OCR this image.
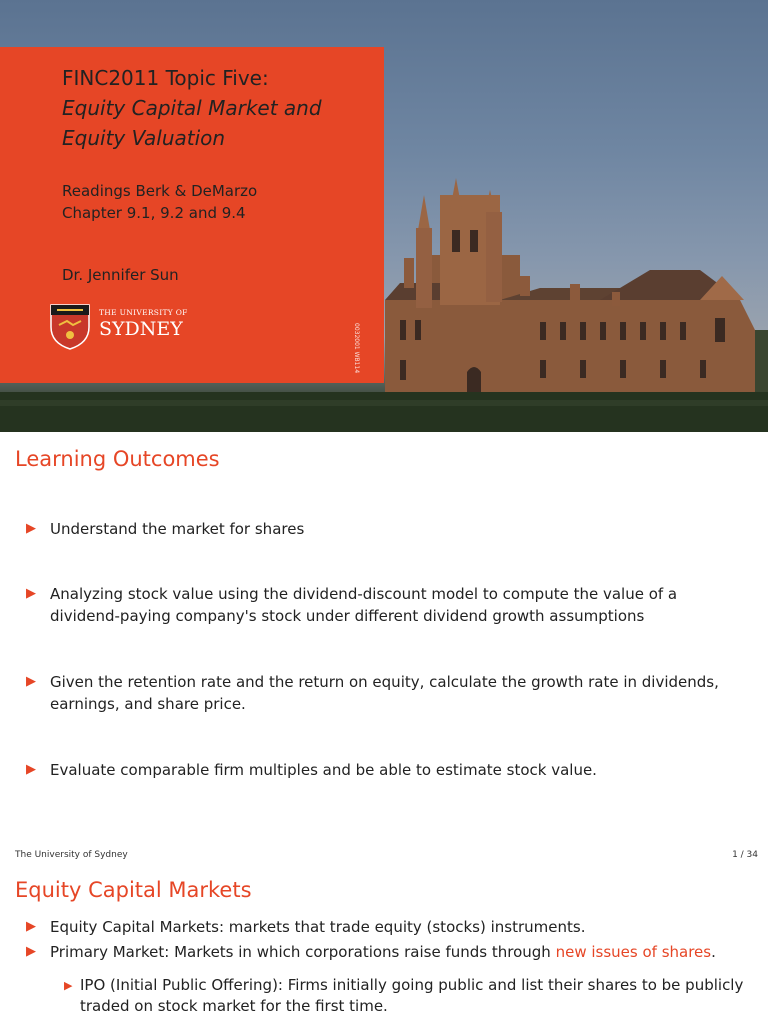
FINC2011 Topic Five:
Equity Capital Market and
Equity Valuation
Readings Berk & DeMarzo
Chapter 9.1, 9.2 and 9.4
Dr. Jennifer Sun
THE UNIVERSITY OF
SYDNEY	0032001 WB114
Learning Outcomes
▶ Understand the market for shares
▶ Analyzing stock value using the dividend-discount model to compute the value of a dividend-paying company's stock under different dividend growth assumptions
▶ Given the retention rate and the return on equity, calculate the growth rate in dividends, earnings, and share price.
▶ Evaluate comparable firm multiples and be able to estimate stock value.
The University of Sydney	1 / 34
Equity Capital Markets
▶ Equity Capital Markets: markets that trade equity (stocks) instruments.
▶ Primary Market: Markets in which corporations raise funds through new issues of shares.
▶ IPO (Initial Public Offering): Firms initially going public and list their shares to be publicly traded on stock market for the first time.
